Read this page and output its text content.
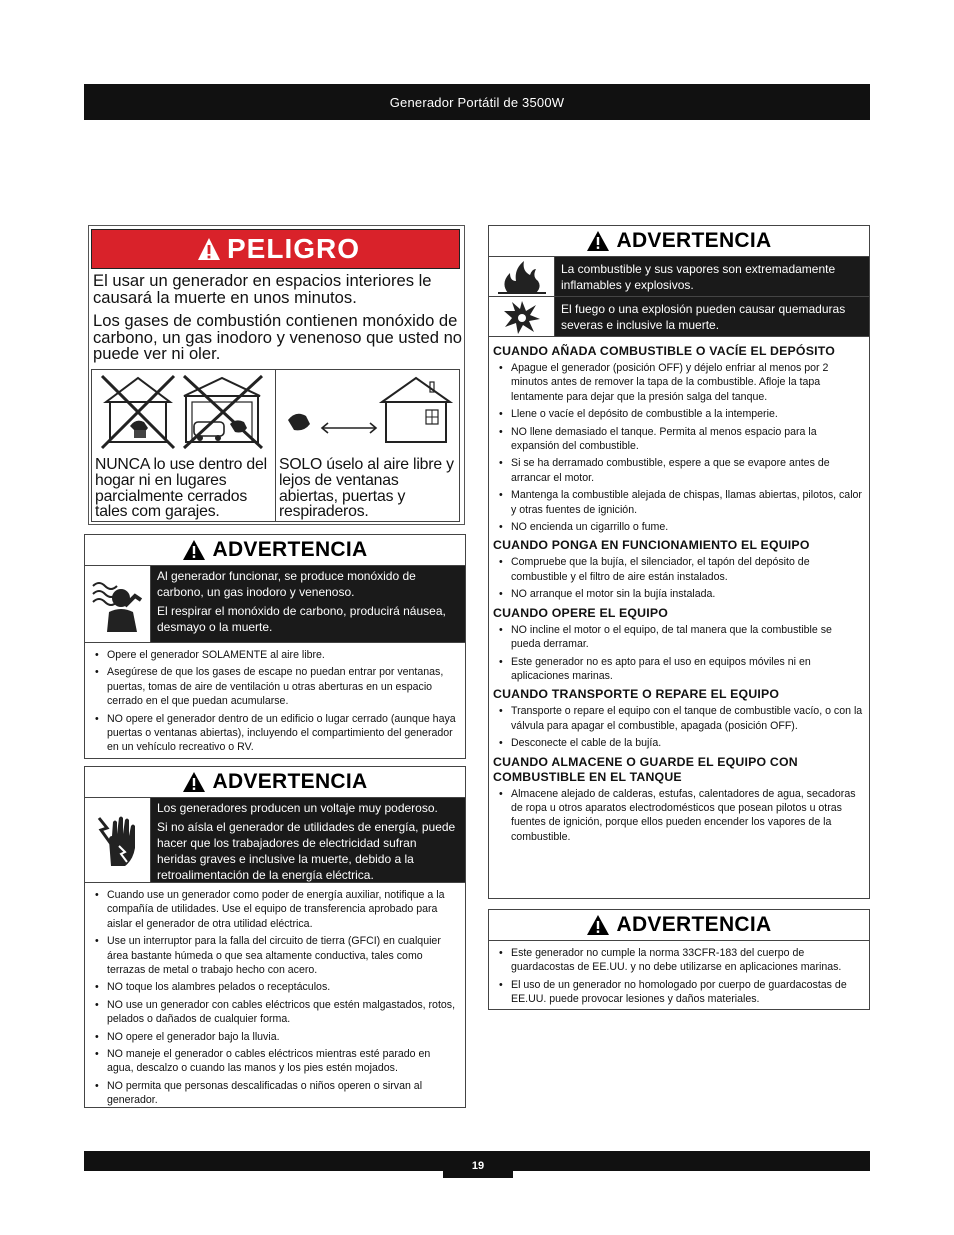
Generador Portátil de 3500W
19
PELIGRO

El usar un generador en espacios interiores le causará la muerte en unos minutos.

Los gases de combustión contienen monóxido de carbono, un gas inodoro y venenoso que usted no puede ver ni oler.

NUNCA lo use dentro del hogar ni en lugares parcialmente cerrados tales com garajes.
SOLO úselo al aire libre y lejos de ventanas abiertas, puertas y respiraderos.
ADVERTENCIA

Al generador funcionar, se produce monóxido de carbono, un gas inodoro y venenoso.

El respirar el monóxido de carbono, producirá náusea, desmayo o la muerte.

• Opere el generador SOLAMENTE al aire libre.
• Asegúrese de que los gases de escape no puedan entrar por ventanas, puertas, tomas de aire de ventilación u otras aberturas en un espacio cerrado en el que puedan acumularse.
• NO opere el generador dentro de un edificio o lugar cerrado (aunque haya puertas o ventanas abiertas), incluyendo el compartimiento del generador en un vehículo recreativo o RV.
ADVERTENCIA

Los generadores producen un voltaje muy poderoso.

Si no aísla el generador de utilidades de energía, puede hacer que los trabajadores de electricidad sufran heridas graves e inclusive la muerte, debido a la retroalimentación de la energía eléctrica.

• Cuando use un generador como poder de energía auxiliar, notifique a la compañía de utilidades. Use el equipo de transferencia aprobado para aislar el generador de otra utilidad eléctrica.
• Use un interruptor para la falla del circuito de tierra (GFCI) en cualquier área bastante húmeda o que sea altamente conductiva, tales como terrazas de metal o trabajo hecho con acero.
• NO toque los alambres pelados o receptáculos.
• NO use un generador con cables eléctricos que estén malgastados, rotos, pelados o dañados de cualquier forma.
• NO opere el generador bajo la lluvia.
• NO maneje el generador o cables eléctricos mientras esté parado en agua, descalzo o cuando las manos y los pies estén mojados.
• NO permita que personas descalificadas o niños operen o sirvan al generador.
ADVERTENCIA
La combustible y sus vapores son extremadamente inflamables y explosivos.
El fuego o una explosión pueden causar quemaduras severas e inclusive la muerte.
CUANDO AÑADA COMBUSTIBLE O VACÍE EL DEPÓSITO
• Apague el generador (posición OFF) y déjelo enfriar al menos por 2 minutos antes de remover la tapa de la combustible. Afloje la tapa lentamente para dejar que la presión salga del tanque.
• Llene o vacíe el depósito de combustible a la intemperie.
• NO llene demasiado el tanque. Permita al menos espacio para la expansión del combustible.
• Si se ha derramado combustible, espere a que se evapore antes de arrancar el motor.
• Mantenga la combustible alejada de chispas, llamas abiertas, pilotos, calor y otras fuentes de ignición.
• NO encienda un cigarrillo o fume.
CUANDO PONGA EN FUNCIONAMIENTO EL EQUIPO
• Compruebe que la bujía, el silenciador, el tapón del depósito de combustible y el filtro de aire están instalados.
• NO arranque el motor sin la bujía instalada.
CUANDO OPERE EL EQUIPO
• NO incline el motor o el equipo, de tal manera que la combustible se pueda derramar.
• Este generador no es apto para el uso en equipos móviles ni en aplicaciones marinas.
CUANDO TRANSPORTE O REPARE EL EQUIPO
• Transporte o repare el equipo con el tanque de combustible vacío, o con la válvula para apagar el combustible, apagada (posición OFF).
• Desconecte el cable de la bujía.
CUANDO ALMACENE O GUARDE EL EQUIPO CON COMBUSTIBLE EN EL TANQUE
• Almacene alejado de calderas, estufas, calentadores de agua, secadoras de ropa u otros aparatos electrodomésticos que posean pilotos u otras fuentes de ignición, porque ellos pueden encender los vapores de la combustible.
ADVERTENCIA
• Este generador no cumple la norma 33CFR-183 del cuerpo de guardacostas de EE.UU. y no debe utilizarse en aplicaciones marinas.
• El uso de un generador no homologado por cuerpo de guardacostas de EE.UU. puede provocar lesiones y daños materiales.
